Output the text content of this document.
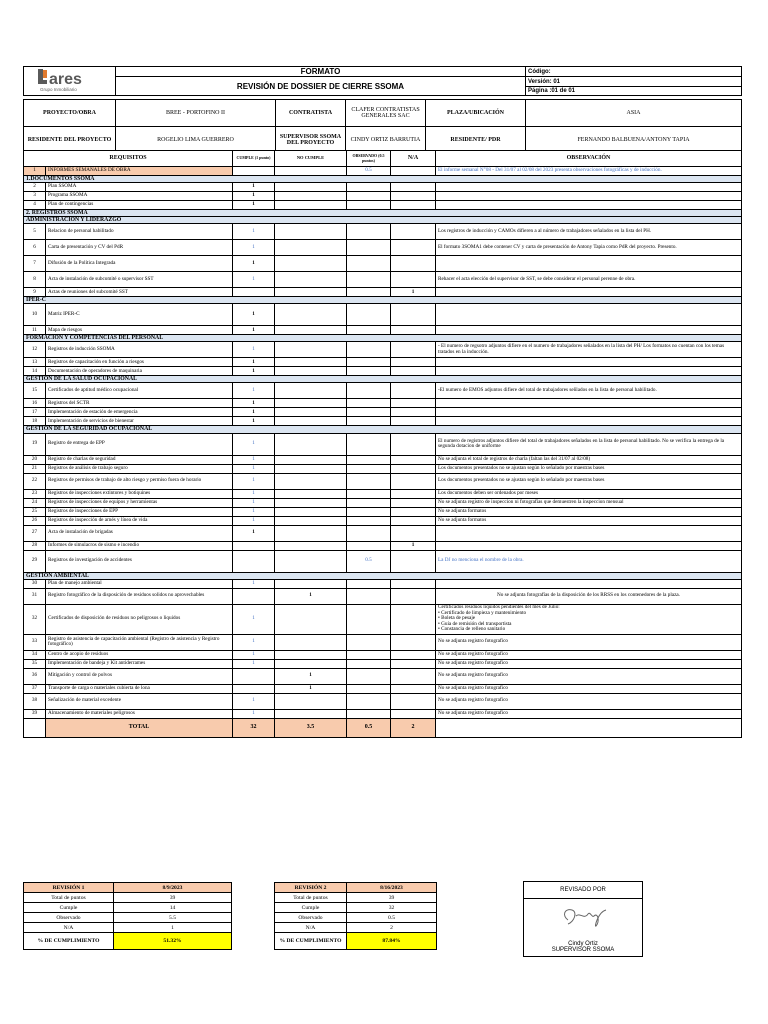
ares
Grupo Inmobiliario	FORMATO	Código:
	REVISIÓN DE DOSSIER DE CIERRE SSOMA	Versión: 01
		Página :01 de 01
PROYECTO/OBRA	BREE - PORTOFINO II	CONTRATISTA	CLAFER CONTRATISTAS GENERALES SAC	PLAZA/UBICACIÓN	ASIA
RESIDENTE DEL PROYECTO	ROGELIO LIMA GUERRERO	SUPERVISOR SSOMA DEL PROYECTO	CINDY ORTIZ BARRUTIA	RESIDENTE/ PDR	FERNANDO BALBUENA/ANTONY TAPIA
REQUISITOS		CUMPLE (1 punto)	NO CUMPLE	OBSERVADO (0.5 puntos)	N/A	OBSERVACIÓN
1	INFORMES SEMANALES DE OBRA			0.5		El informe semanal N°08 - Del 31/07 al 02/08 del 2023 presenta observaciones fotográficas y de inducción.
1.DOCUMENTOS SSOMA						
2	Plan SSOMA	1				
3	Programa SSOMA	1				
4	Plan de contingencias	1				
2. REGISTROS SSOMA						
ADMINISTRACIÓN Y LIDERAZGO						
5	Relacion de personal habilitado	1				Los registros de inducción y CAMOs difieren a al número de trabajadores señalados en la lista del PH.
6	Carta de presentación y CV del PdR	1				El formato 3SOMA1 debe contener CV y carta de presentación de Antony Tapia como PdR del proyecto. Presento.
7	Difusión de la Política Integrada	1				
8	Acta de instalación de subcomité o supervisor SST	1				Rehacer el acta elección del supervisor de SST, se debe considerar el personal perenne de obra.
9	Actas de reuniones del subcomité SST				1	
IPER-C						
10	Matriz IPER-C	1				
11	Mapa de riesgos	1				
FORMACIÓN Y COMPETENCIAS DEL PERSONAL						
12	Registros de inducción SSOMA	1				- El numero de regsotro adjuntos difiere en el numero de trabajadores señalados en la lista del PH/ Los formatos no cuentan con los temas tratados en la inducción.
13	Registros de capacitación en función a riesgos	1				
14	Documentación de operadores de maquinaria	1				
GESTION DE LA SALUD OCUPACIONAL						
15	Certificados de aptitud médico ocupacional	1				-El numero de EMOS adjuntos difiere del total de trabajadores señlados en la lista de personal habilitado.
16	Registros del SCTR	1				
17	Implementación de estación de emergencia	1				
18	Implementación de servicios de bienestar	1				
GESTION DE LA SEGURIDAD OCUPACIONAL						
19	Registro de entrega de EPP	1				El numero de registros adjuntos difiere del total de trabajadores señalados en la lista de personal habilitado. No se verifica la entrega de la segunda dotacion de uniforme
20	Registro de charlas de seguridad	1				No se adjunta el total de registros de charla (faltan las del 31/07 al 02/08)
21	Registros de análisis de trabajo seguro	1				Los documentos presentados no se ajustan según lo señalado por maestras bases
22	Registros de permisos de trabajo de alto riesgo y permiso fuera de horario	1				Los documentos presentados no se ajustan según lo señalado por maestras bases
23	Registros de inspecciones extintores y botiquines	1				Los documentos deben ser ordenados por meses
24	Registros de inspecciones de equipos y herramientas	1				No se adjunta registro de inspeccion ni fotografías que demuestren la inspeccion mensual
25	Registros de inspecciones de EPP	1				No se adjunta formatos
26	Registros de inspección de arnés y línea de vida	1				No se adjunta formatos
27	Acta de instalación de brigadas	1				
28	Informes de simulacros de sismo e incendio				1	
29	Registros de investigación de accidentes			0.5		La DJ no menciona el nombre de la obra.
GESTION AMBIENTAL						
30	Plan de manejo ambiental	1				
31	Registro fotográfico de la disposición de residuos solidos no aprovechables		1			No se adjunta fotografías de la disposición de los RRSS en los contenedores de la plaza.
32	Certificados de disposición de residuos no peligrosos o liquidos	1				Certificados residuos liquidos pendientes del mes de Julio:
• Certificado de limpieza y mantenimiento
• Boleta de pesaje
• Guía de remisión del transportista
• Constancia de relleno sanitario
33	Registro de asistencia de capacitación ambiental (Registro de asistencia y Registro fotográfico)	1				No se adjunta registro fotografico
34	Centro de acopio de residuos	1				No se adjunta registro fotografico
35	Implementación de bandeja y Kit antiderrames	1				No se adjunta registro fotografico
36	Mitigación y control de polvos		1			No se adjunta registro fotografico
37	Transporte de carga o materiales cubierta de lona		1			No se adjunta registro fotografico
38	Señalización de material excedente	1				No se adjunta registro fotografico
39	Almacenamiento de materiales peligrosos	1				No se adjunta registro fotografico
	TOTAL	32	3.5	0.5	2	
REVISIÓN 1	8/9/2023
Total de puntos	39
Cumple	14
Observado	5.5
N/A	1
% DE CUMPLIMIENTO	51.32%
REVISIÓN 2	8/16/2023
Total de puntos	39
Cumple	32
Observado	0.5
N/A	2
% DE CUMPLIMIENTO	87.84%
REVISADO POR
Cindy Ortiz
SUPERVISOR SSOMA
